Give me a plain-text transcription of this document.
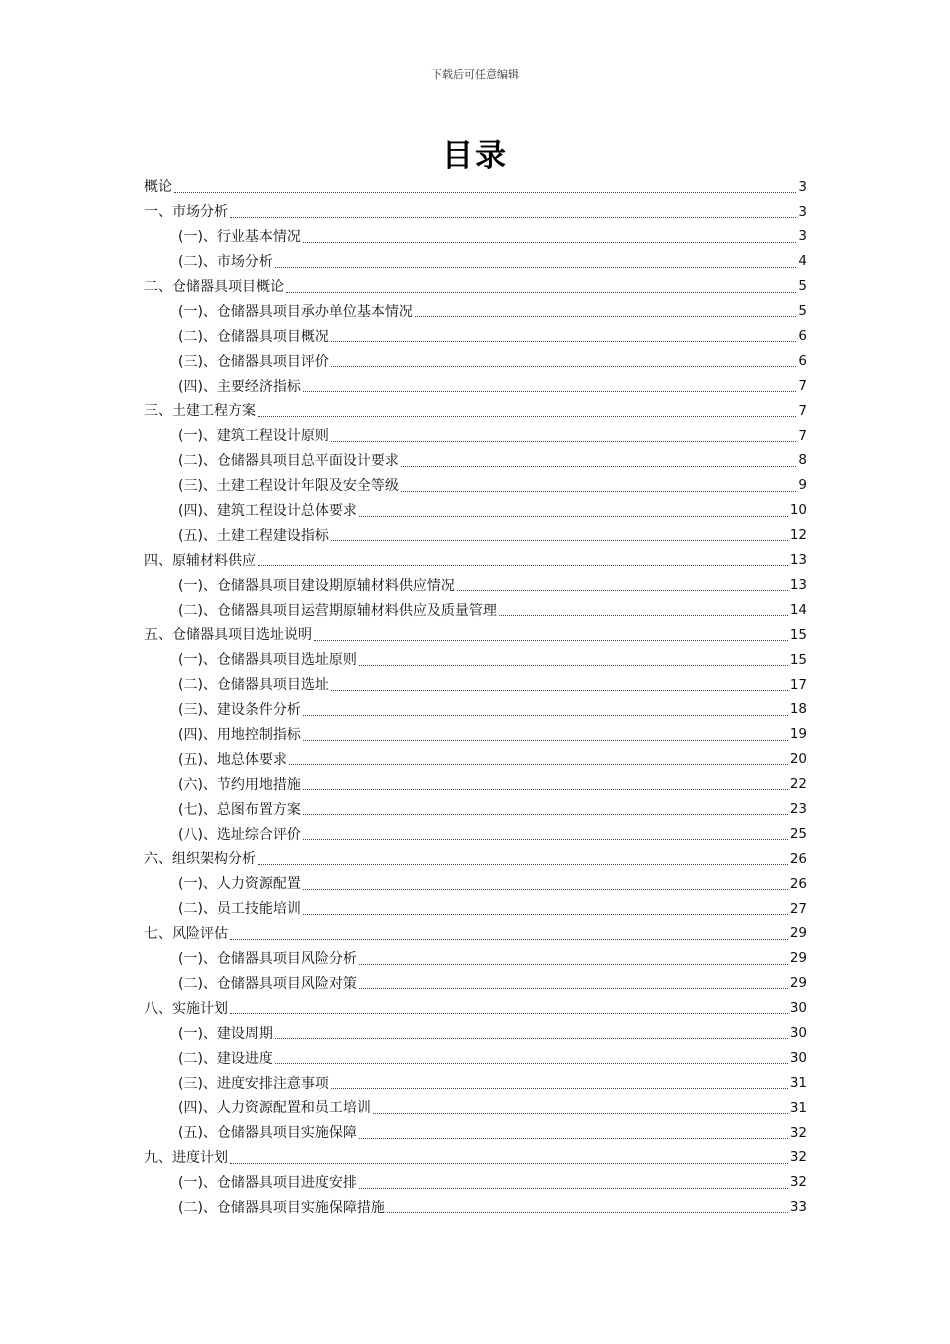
下载后可任意编辑
目录
概论	3
一、市场分析	3
(一)、行业基本情况	3
(二)、市场分析	4
二、仓储器具项目概论	5
(一)、仓储器具项目承办单位基本情况	5
(二)、仓储器具项目概况	6
(三)、仓储器具项目评价	6
(四)、主要经济指标	7
三、土建工程方案	7
(一)、建筑工程设计原则	7
(二)、仓储器具项目总平面设计要求	8
(三)、土建工程设计年限及安全等级	9
(四)、建筑工程设计总体要求	10
(五)、土建工程建设指标	12
四、原辅材料供应	13
(一)、仓储器具项目建设期原辅材料供应情况	13
(二)、仓储器具项目运营期原辅材料供应及质量管理	14
五、仓储器具项目选址说明	15
(一)、仓储器具项目选址原则	15
(二)、仓储器具项目选址	17
(三)、建设条件分析	18
(四)、用地控制指标	19
(五)、地总体要求	20
(六)、节约用地措施	22
(七)、总图布置方案	23
(八)、选址综合评价	25
六、组织架构分析	26
(一)、人力资源配置	26
(二)、员工技能培训	27
七、风险评估	29
(一)、仓储器具项目风险分析	29
(二)、仓储器具项目风险对策	29
八、实施计划	30
(一)、建设周期	30
(二)、建设进度	30
(三)、进度安排注意事项	31
(四)、人力资源配置和员工培训	31
(五)、仓储器具项目实施保障	32
九、进度计划	32
(一)、仓储器具项目进度安排	32
(二)、仓储器具项目实施保障措施	33
